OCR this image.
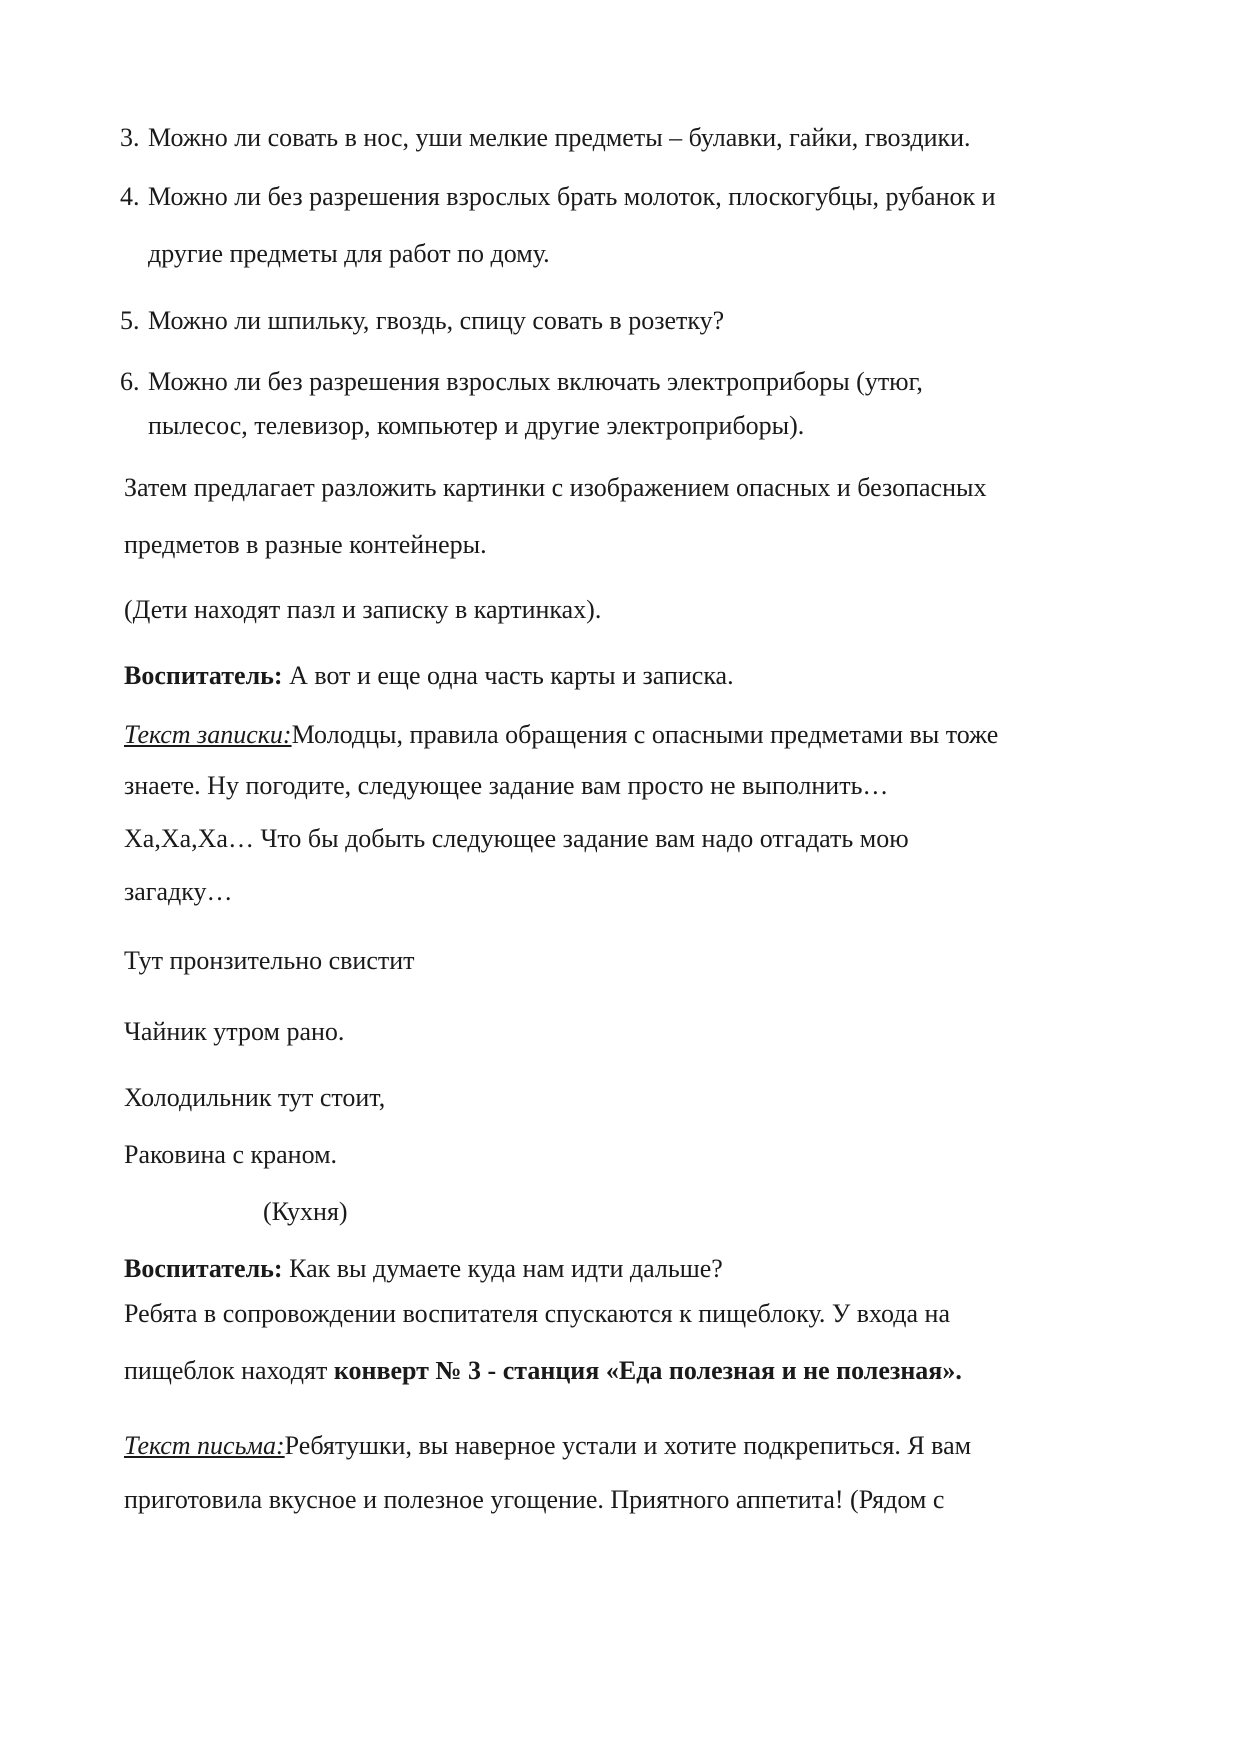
3. Можно ли совать в нос, уши мелкие предметы – булавки, гайки, гвоздики.
4. Можно ли без разрешения взрослых брать молоток, плоскогубцы, рубанок и
другие предметы для работ по дому.
5. Можно ли шпильку, гвоздь, спицу совать в розетку?
6. Можно ли без разрешения взрослых включать электроприборы (утюг,
пылесос, телевизор, компьютер и другие электроприборы).
Затем предлагает разложить картинки с изображением опасных и безопасных
предметов в разные контейнеры.
(Дети находят пазл и записку в картинках).
Воспитатель: А вот и еще одна часть карты и записка.
Текст записки:Молодцы, правила обращения с опасными предметами вы тоже
знаете. Ну погодите, следующее задание вам просто не выполнить…
Ха,Ха,Ха… Что бы добыть следующее задание вам надо отгадать мою
загадку…
Тут пронзительно свистит
Чайник утром рано.
Холодильник тут стоит,
Раковина с краном.
(Кухня)
Воспитатель: Как вы думаете куда нам идти дальше?
Ребята в сопровождении воспитателя спускаются к пищеблоку. У входа на
пищеблок находят конверт № 3 - станция «Еда полезная и не полезная».
Текст письма:Ребятушки, вы наверное устали и хотите подкрепиться. Я вам
приготовила вкусное и полезное угощение. Приятного аппетита! (Рядом с
